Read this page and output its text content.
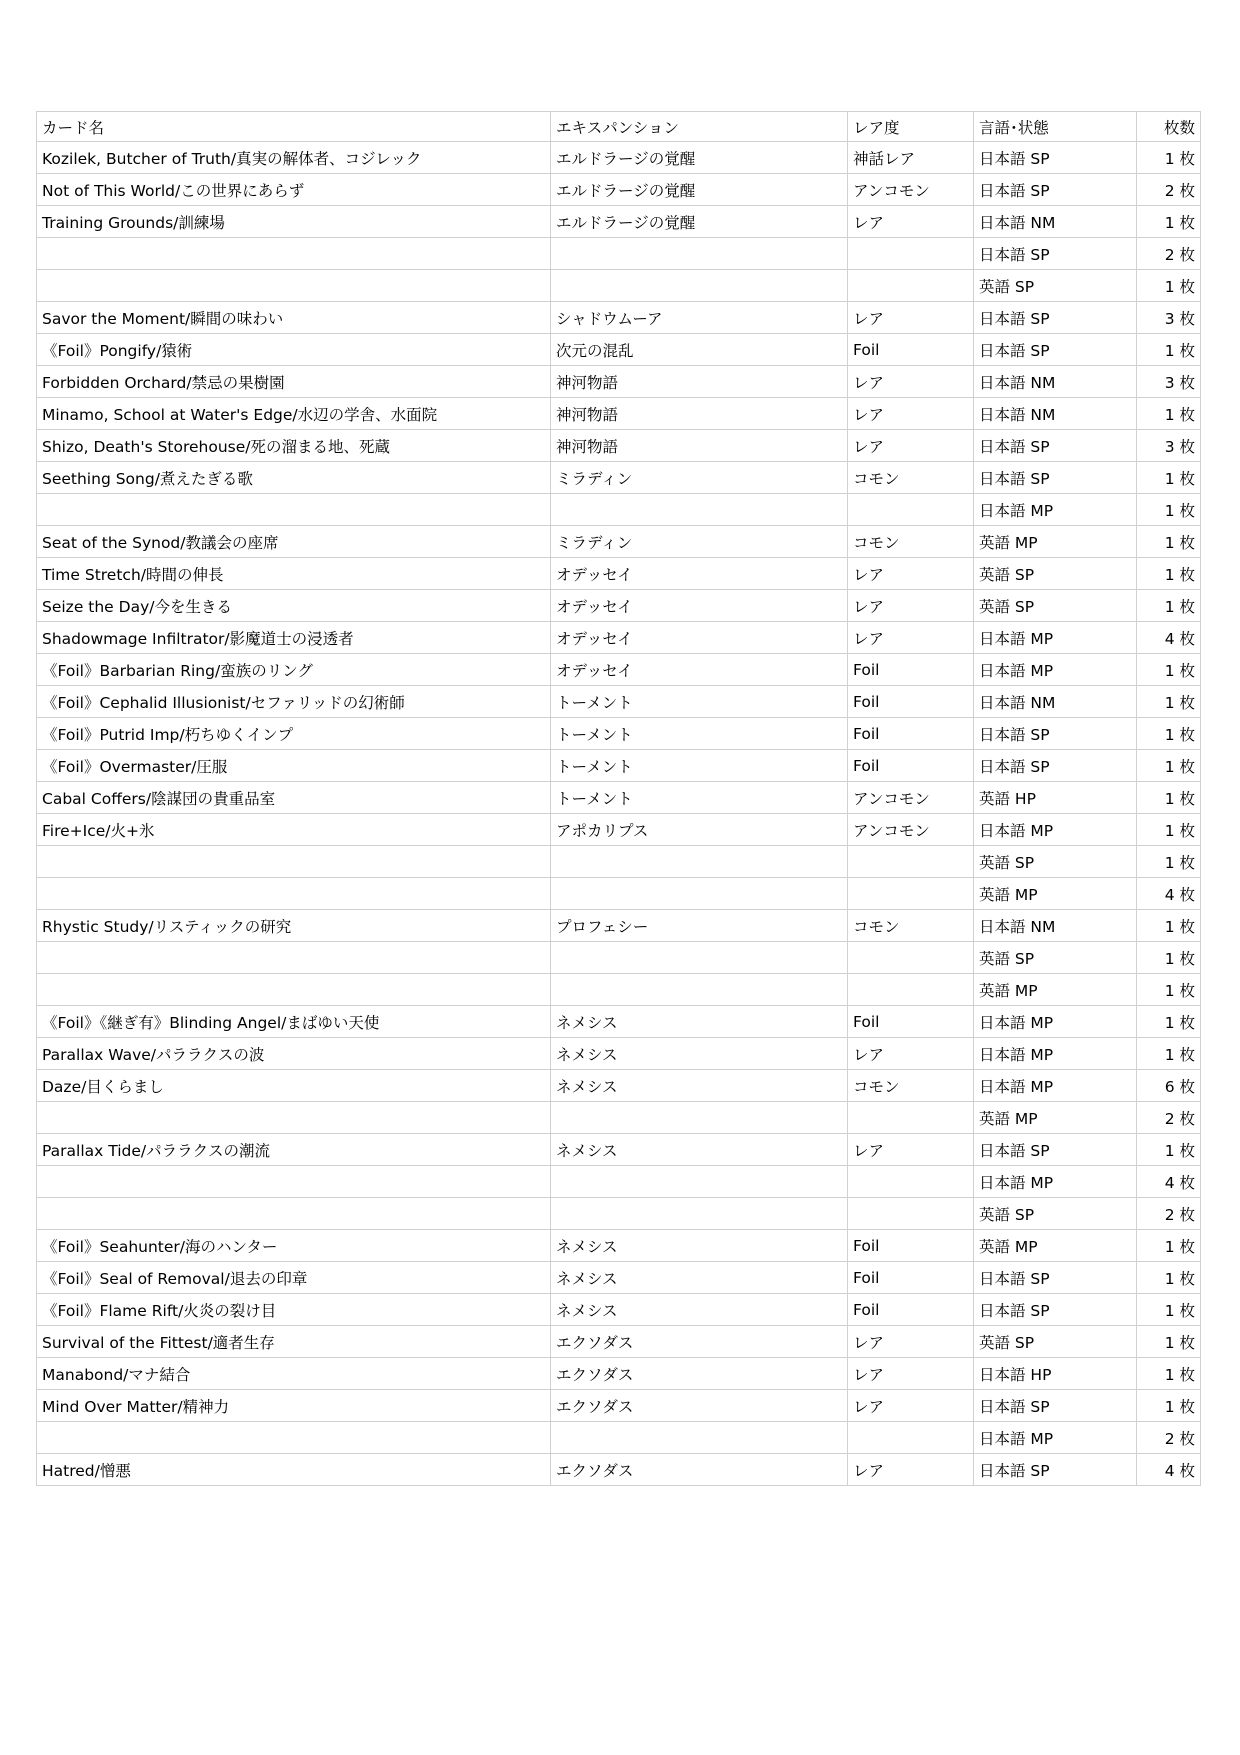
カード名	エキスパンション	レア度	言語･状態	枚数
Kozilek, Butcher of Truth/真実の解体者、コジレック	エルドラージの覚醒	神話レア	日本語 SP	1 枚
Not of This World/この世界にあらず	エルドラージの覚醒	アンコモン	日本語 SP	2 枚
Training Grounds/訓練場	エルドラージの覚醒	レア	日本語 NM	1 枚
			日本語 SP	2 枚
			英語 SP	1 枚
Savor the Moment/瞬間の味わい	シャドウムーア	レア	日本語 SP	3 枚
《Foil》Pongify/猿術	次元の混乱	Foil	日本語 SP	1 枚
Forbidden Orchard/禁忌の果樹園	神河物語	レア	日本語 NM	3 枚
Minamo, School at Water's Edge/水辺の学舎、水面院	神河物語	レア	日本語 NM	1 枚
Shizo, Death's Storehouse/死の溜まる地、死蔵	神河物語	レア	日本語 SP	3 枚
Seething Song/煮えたぎる歌	ミラディン	コモン	日本語 SP	1 枚
			日本語 MP	1 枚
Seat of the Synod/教議会の座席	ミラディン	コモン	英語 MP	1 枚
Time Stretch/時間の伸長	オデッセイ	レア	英語 SP	1 枚
Seize the Day/今を生きる	オデッセイ	レア	英語 SP	1 枚
Shadowmage Infiltrator/影魔道士の浸透者	オデッセイ	レア	日本語 MP	4 枚
《Foil》Barbarian Ring/蛮族のリング	オデッセイ	Foil	日本語 MP	1 枚
《Foil》Cephalid Illusionist/セファリッドの幻術師	トーメント	Foil	日本語 NM	1 枚
《Foil》Putrid Imp/朽ちゆくインプ	トーメント	Foil	日本語 SP	1 枚
《Foil》Overmaster/圧服	トーメント	Foil	日本語 SP	1 枚
Cabal Coffers/陰謀団の貴重品室	トーメント	アンコモン	英語 HP	1 枚
Fire+Ice/火+氷	アポカリプス	アンコモン	日本語 MP	1 枚
			英語 SP	1 枚
			英語 MP	4 枚
Rhystic Study/リスティックの研究	プロフェシー	コモン	日本語 NM	1 枚
			英語 SP	1 枚
			英語 MP	1 枚
《Foil》《継ぎ有》Blinding Angel/まばゆい天使	ネメシス	Foil	日本語 MP	1 枚
Parallax Wave/パララクスの波	ネメシス	レア	日本語 MP	1 枚
Daze/目くらまし	ネメシス	コモン	日本語 MP	6 枚
			英語 MP	2 枚
Parallax Tide/パララクスの潮流	ネメシス	レア	日本語 SP	1 枚
			日本語 MP	4 枚
			英語 SP	2 枚
《Foil》Seahunter/海のハンター	ネメシス	Foil	英語 MP	1 枚
《Foil》Seal of Removal/退去の印章	ネメシス	Foil	日本語 SP	1 枚
《Foil》Flame Rift/火炎の裂け目	ネメシス	Foil	日本語 SP	1 枚
Survival of the Fittest/適者生存	エクソダス	レア	英語 SP	1 枚
Manabond/マナ結合	エクソダス	レア	日本語 HP	1 枚
Mind Over Matter/精神力	エクソダス	レア	日本語 SP	1 枚
			日本語 MP	2 枚
Hatred/憎悪	エクソダス	レア	日本語 SP	4 枚
